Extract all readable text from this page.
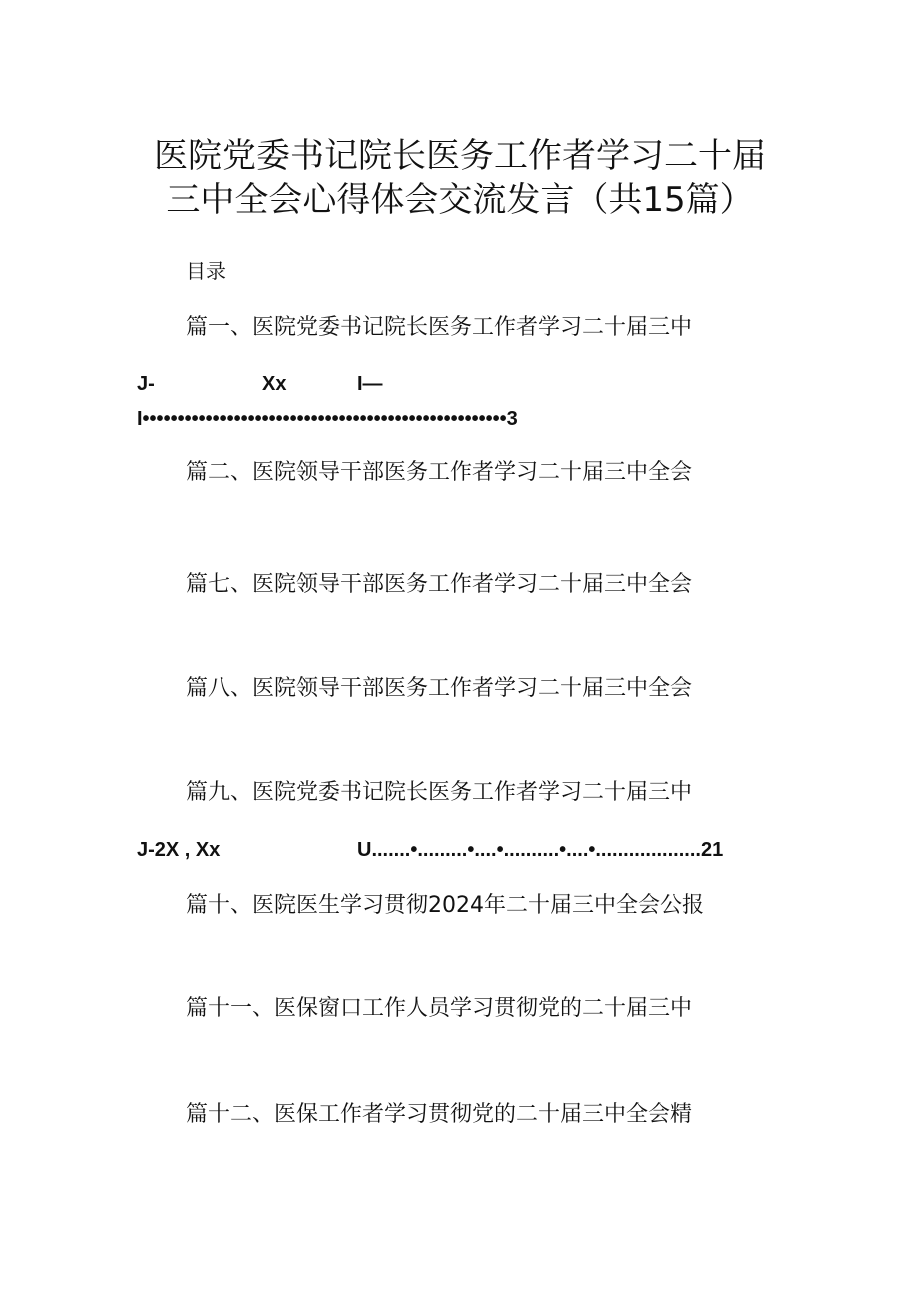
医院党委书记院长医务工作者学习二十届
三中全会心得体会交流发言（共15篇）
目录
篇一、医院党委书记院长医务工作者学习二十届三中
J-	Xx	I—
I••••••••••••••••••••••••••••••••••••••••••••••••••••3
篇二、医院领导干部医务工作者学习二十届三中全会
篇七、医院领导干部医务工作者学习二十届三中全会
篇八、医院领导干部医务工作者学习二十届三中全会
篇九、医院党委书记院长医务工作者学习二十届三中
J-2X , Xx	U.......•.........•....•..........•....•...................21
篇十、医院医生学习贯彻2024年二十届三中全会公报
篇十一、医保窗口工作人员学习贯彻党的二十届三中
篇十二、医保工作者学习贯彻党的二十届三中全会精
